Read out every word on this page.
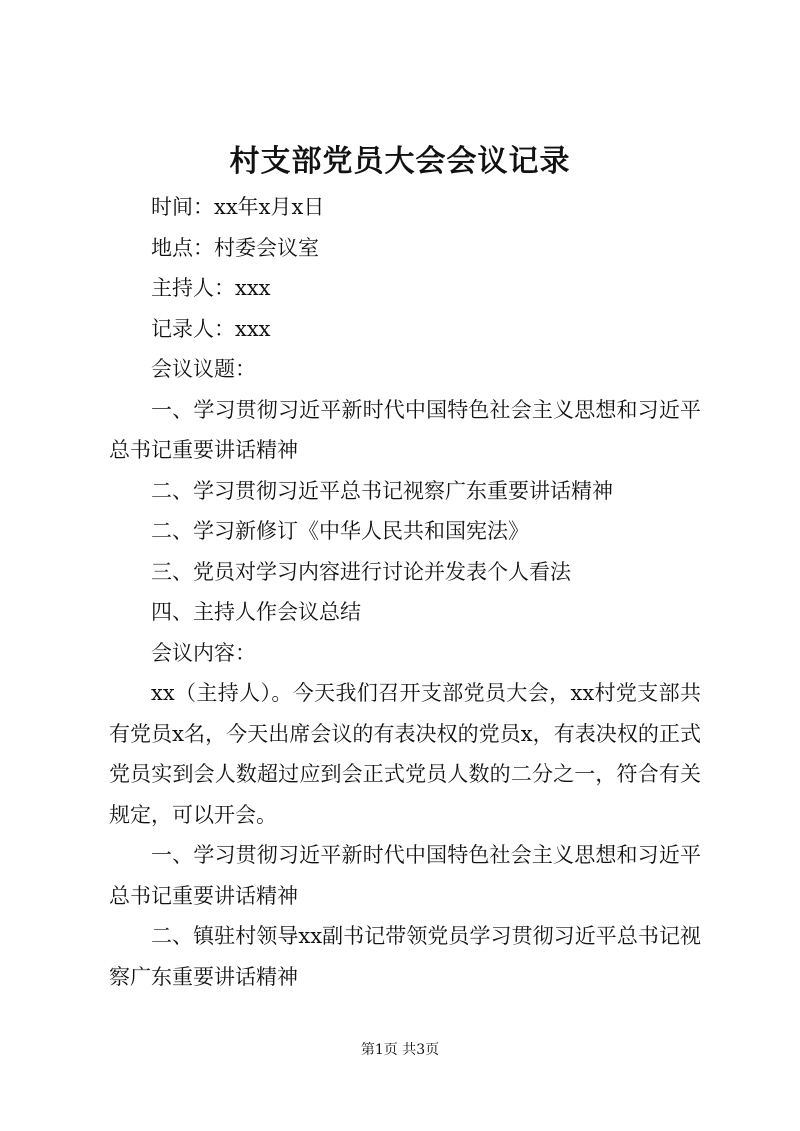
村支部党员大会会议记录

时间：xx年x月x日

地点：村委会议室

主持人：xxx

记录人：xxx

会议议题：

一、学习贯彻习近平新时代中国特色社会主义思想和习近平总书记重要讲话精神

二、学习贯彻习近平总书记视察广东重要讲话精神

二、学习新修订《中华人民共和国宪法》

三、党员对学习内容进行讨论并发表个人看法

四、主持人作会议总结

会议内容：

xx（主持人）。今天我们召开支部党员大会，xx村党支部共有党员x名，今天出席会议的有表决权的党员x，有表决权的正式党员实到会人数超过应到会正式党员人数的二分之一，符合有关规定，可以开会。

一、学习贯彻习近平新时代中国特色社会主义思想和习近平总书记重要讲话精神

二、镇驻村领导xx副书记带领党员学习贯彻习近平总书记视察广东重要讲话精神

第1页 共3页
